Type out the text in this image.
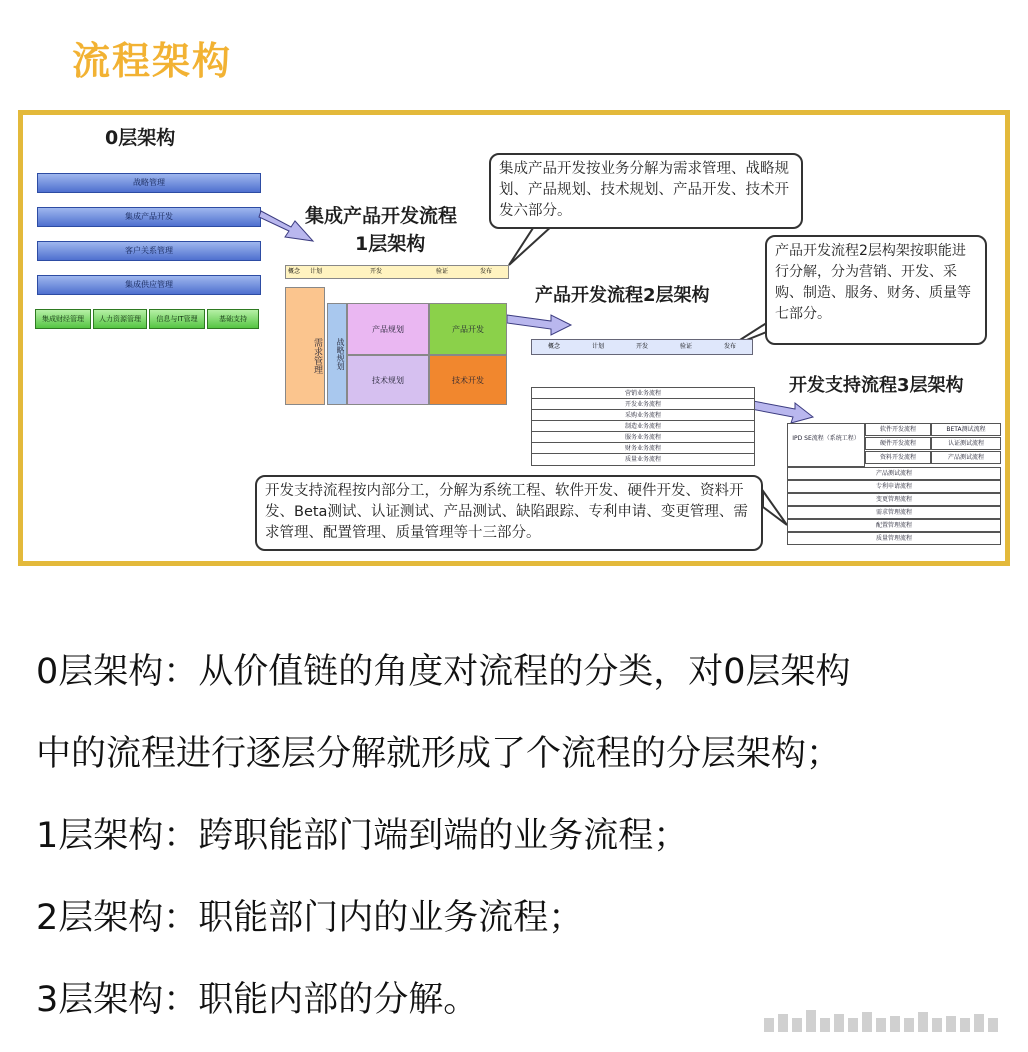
流程架构
0层架构
战略管理
集成产品开发
客户关系管理
集成供应管理
集成财经管理	人力资源管理	信息与IT管理	基础支持
集成产品开发流程
1层架构
概念 计划	开发	验证	发布
需求管理	战略规划
产品规划	产品开发
技术规划	技术开发
集成产品开发按业务分解为需求管理、战略规划、产品规划、技术规划、产品开发、技术开发六部分。
产品开发流程2层架构
概念	计划	开发	验证	发布
营销业务流程
开发业务流程
采购业务流程
制造业务流程
服务业务流程
财务业务流程
质量业务流程
产品开发流程2层构架按职能进行分解，分为营销、开发、采购、制造、服务、财务、质量等七部分。
开发支持流程3层架构
IPD SE流程（系统工程）
软件开发流程	BETA测试流程
硬件开发流程	认证测试流程
资料开发流程	产品测试流程
产品测试流程
专利申请流程
变更管理流程
需求管理流程
配置管理流程
质量管理流程
开发支持流程按内部分工，分解为系统工程、软件开发、硬件开发、资料开发、Beta测试、认证测试、产品测试、缺陷跟踪、专利申请、变更管理、需求管理、配置管理、质量管理等十三部分。
0层架构：从价值链的角度对流程的分类，对0层架构
中的流程进行逐层分解就形成了个流程的分层架构；
1层架构：跨职能部门端到端的业务流程；
2层架构：职能部门内的业务流程；
3层架构：职能内部的分解。
